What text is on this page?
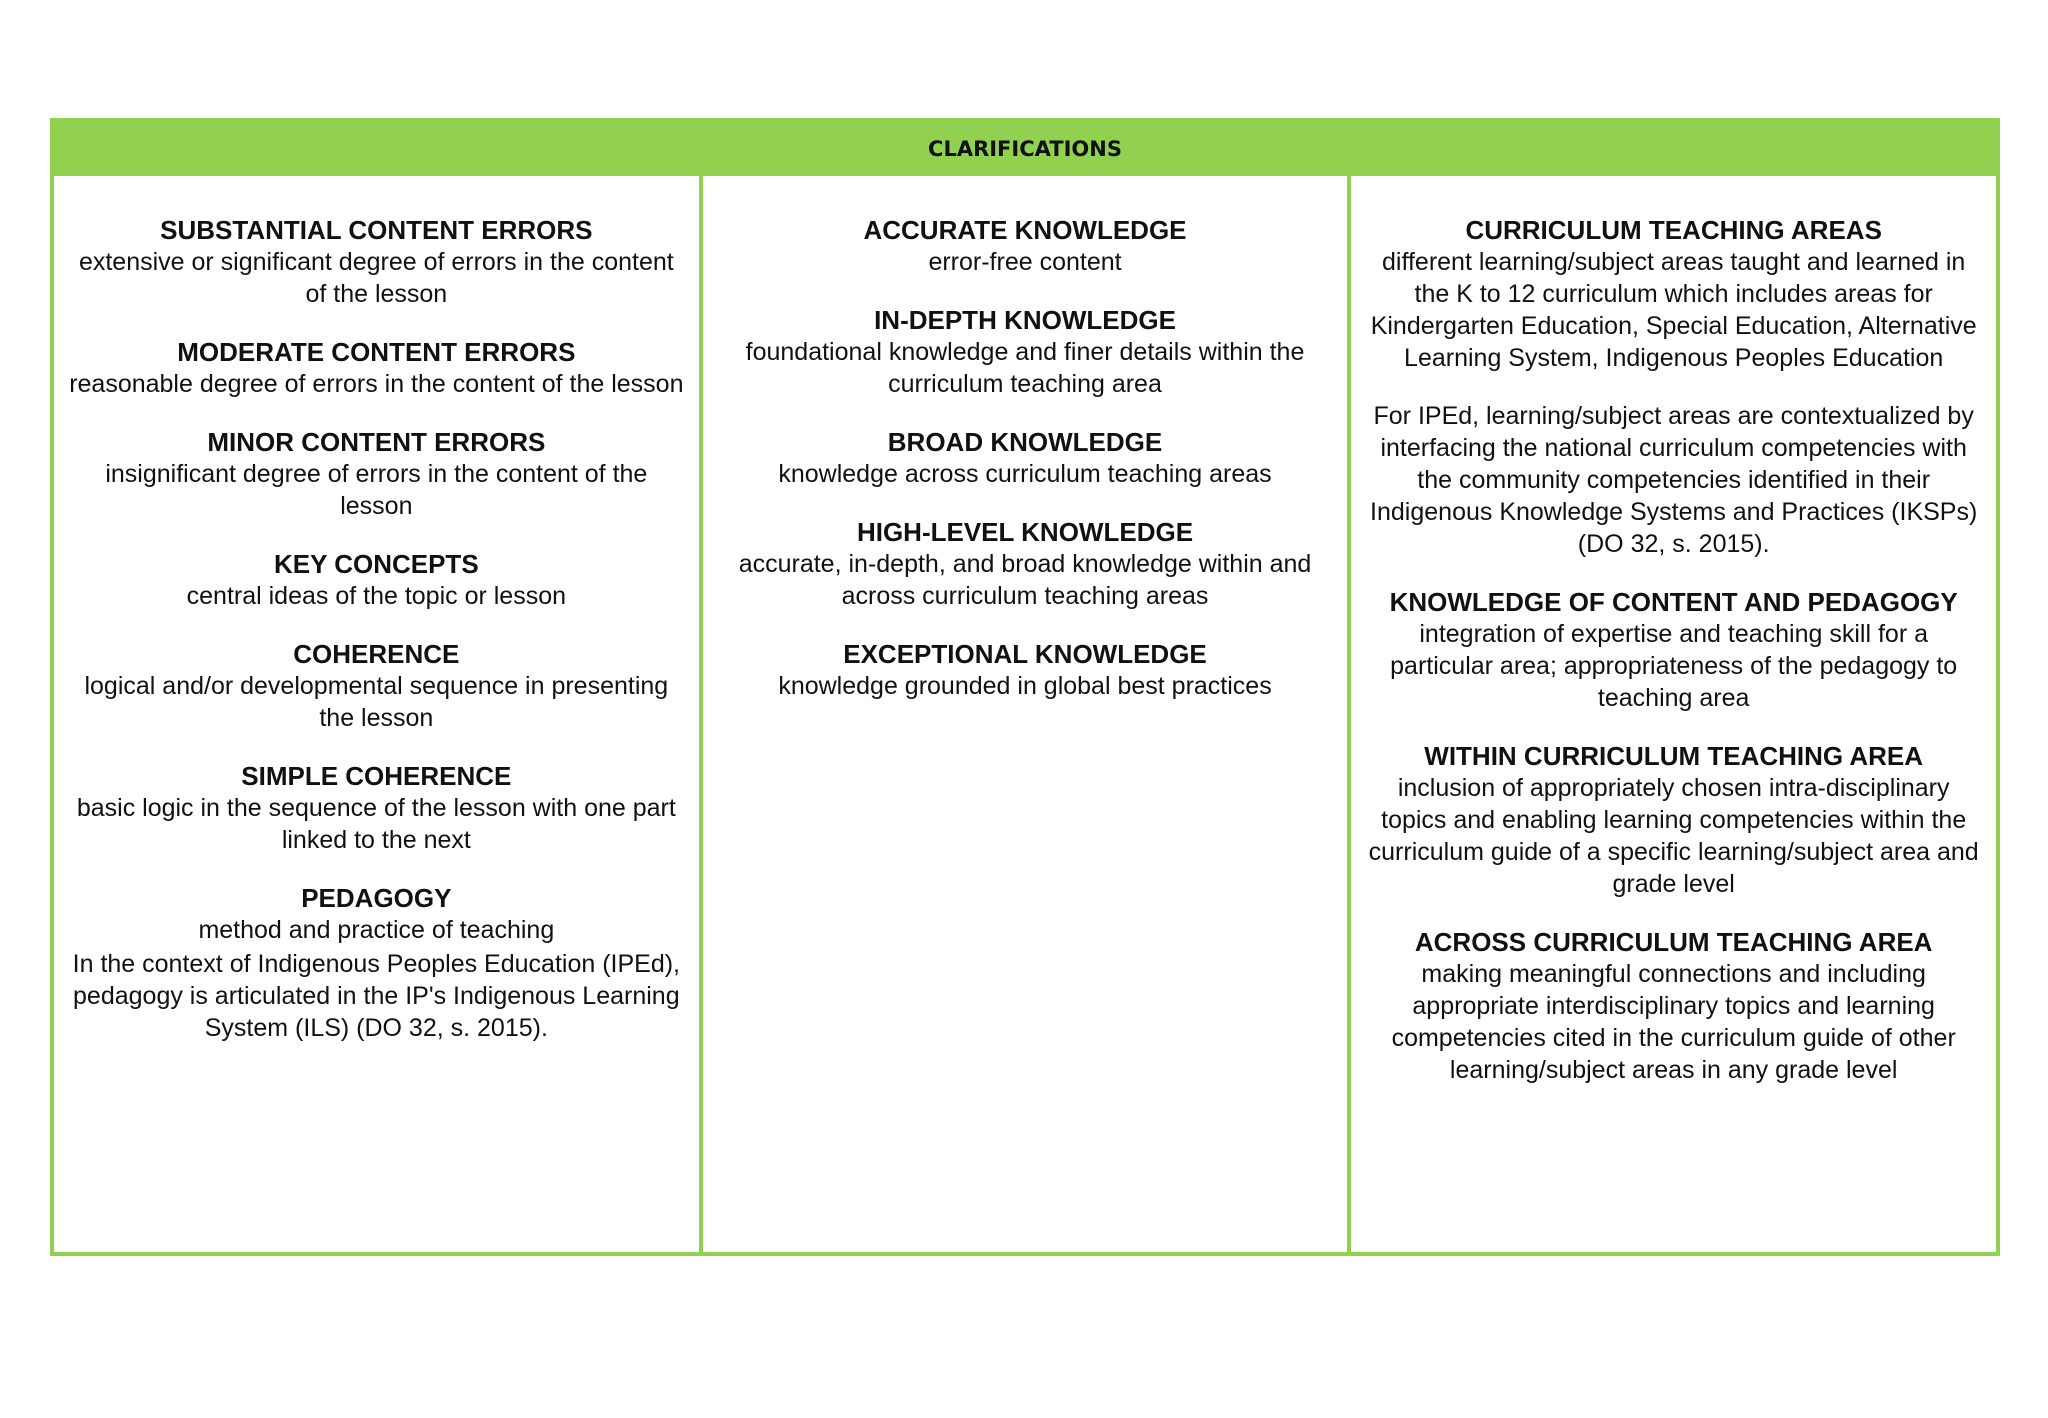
CLARIFICATIONS
SUBSTANTIAL CONTENT ERRORS
extensive or significant degree of errors in the content of the lesson
MODERATE CONTENT ERRORS
reasonable degree of errors in the content of the lesson
MINOR CONTENT ERRORS
insignificant degree of errors in the content of the lesson
KEY CONCEPTS
central ideas of the topic or lesson
COHERENCE
logical and/or developmental sequence in presenting the lesson
SIMPLE COHERENCE
basic logic in the sequence of the lesson with one part linked to the next
PEDAGOGY
method and practice of teaching
In the context of Indigenous Peoples Education (IPEd), pedagogy is articulated in the IP's Indigenous Learning System (ILS) (DO 32, s. 2015).
ACCURATE KNOWLEDGE
error-free content
IN-DEPTH KNOWLEDGE
foundational knowledge and finer details within the curriculum teaching area
BROAD KNOWLEDGE
knowledge across curriculum teaching areas
HIGH-LEVEL KNOWLEDGE
accurate, in-depth, and broad knowledge within and across curriculum teaching areas
EXCEPTIONAL KNOWLEDGE
knowledge grounded in global best practices
CURRICULUM TEACHING AREAS
different learning/subject areas taught and learned in the K to 12 curriculum which includes areas for Kindergarten Education, Special Education, Alternative Learning System, Indigenous Peoples Education
For IPEd, learning/subject areas are contextualized by interfacing the national curriculum competencies with the community competencies identified in their Indigenous Knowledge Systems and Practices (IKSPs) (DO 32, s. 2015).
KNOWLEDGE OF CONTENT AND PEDAGOGY
integration of expertise and teaching skill for a particular area; appropriateness of the pedagogy to teaching area
WITHIN CURRICULUM TEACHING AREA
inclusion of appropriately chosen intra-disciplinary topics and enabling learning competencies within the curriculum guide of a specific learning/subject area and grade level
ACROSS CURRICULUM TEACHING AREA
making meaningful connections and including appropriate interdisciplinary topics and learning competencies cited in the curriculum guide of other learning/subject areas in any grade level
